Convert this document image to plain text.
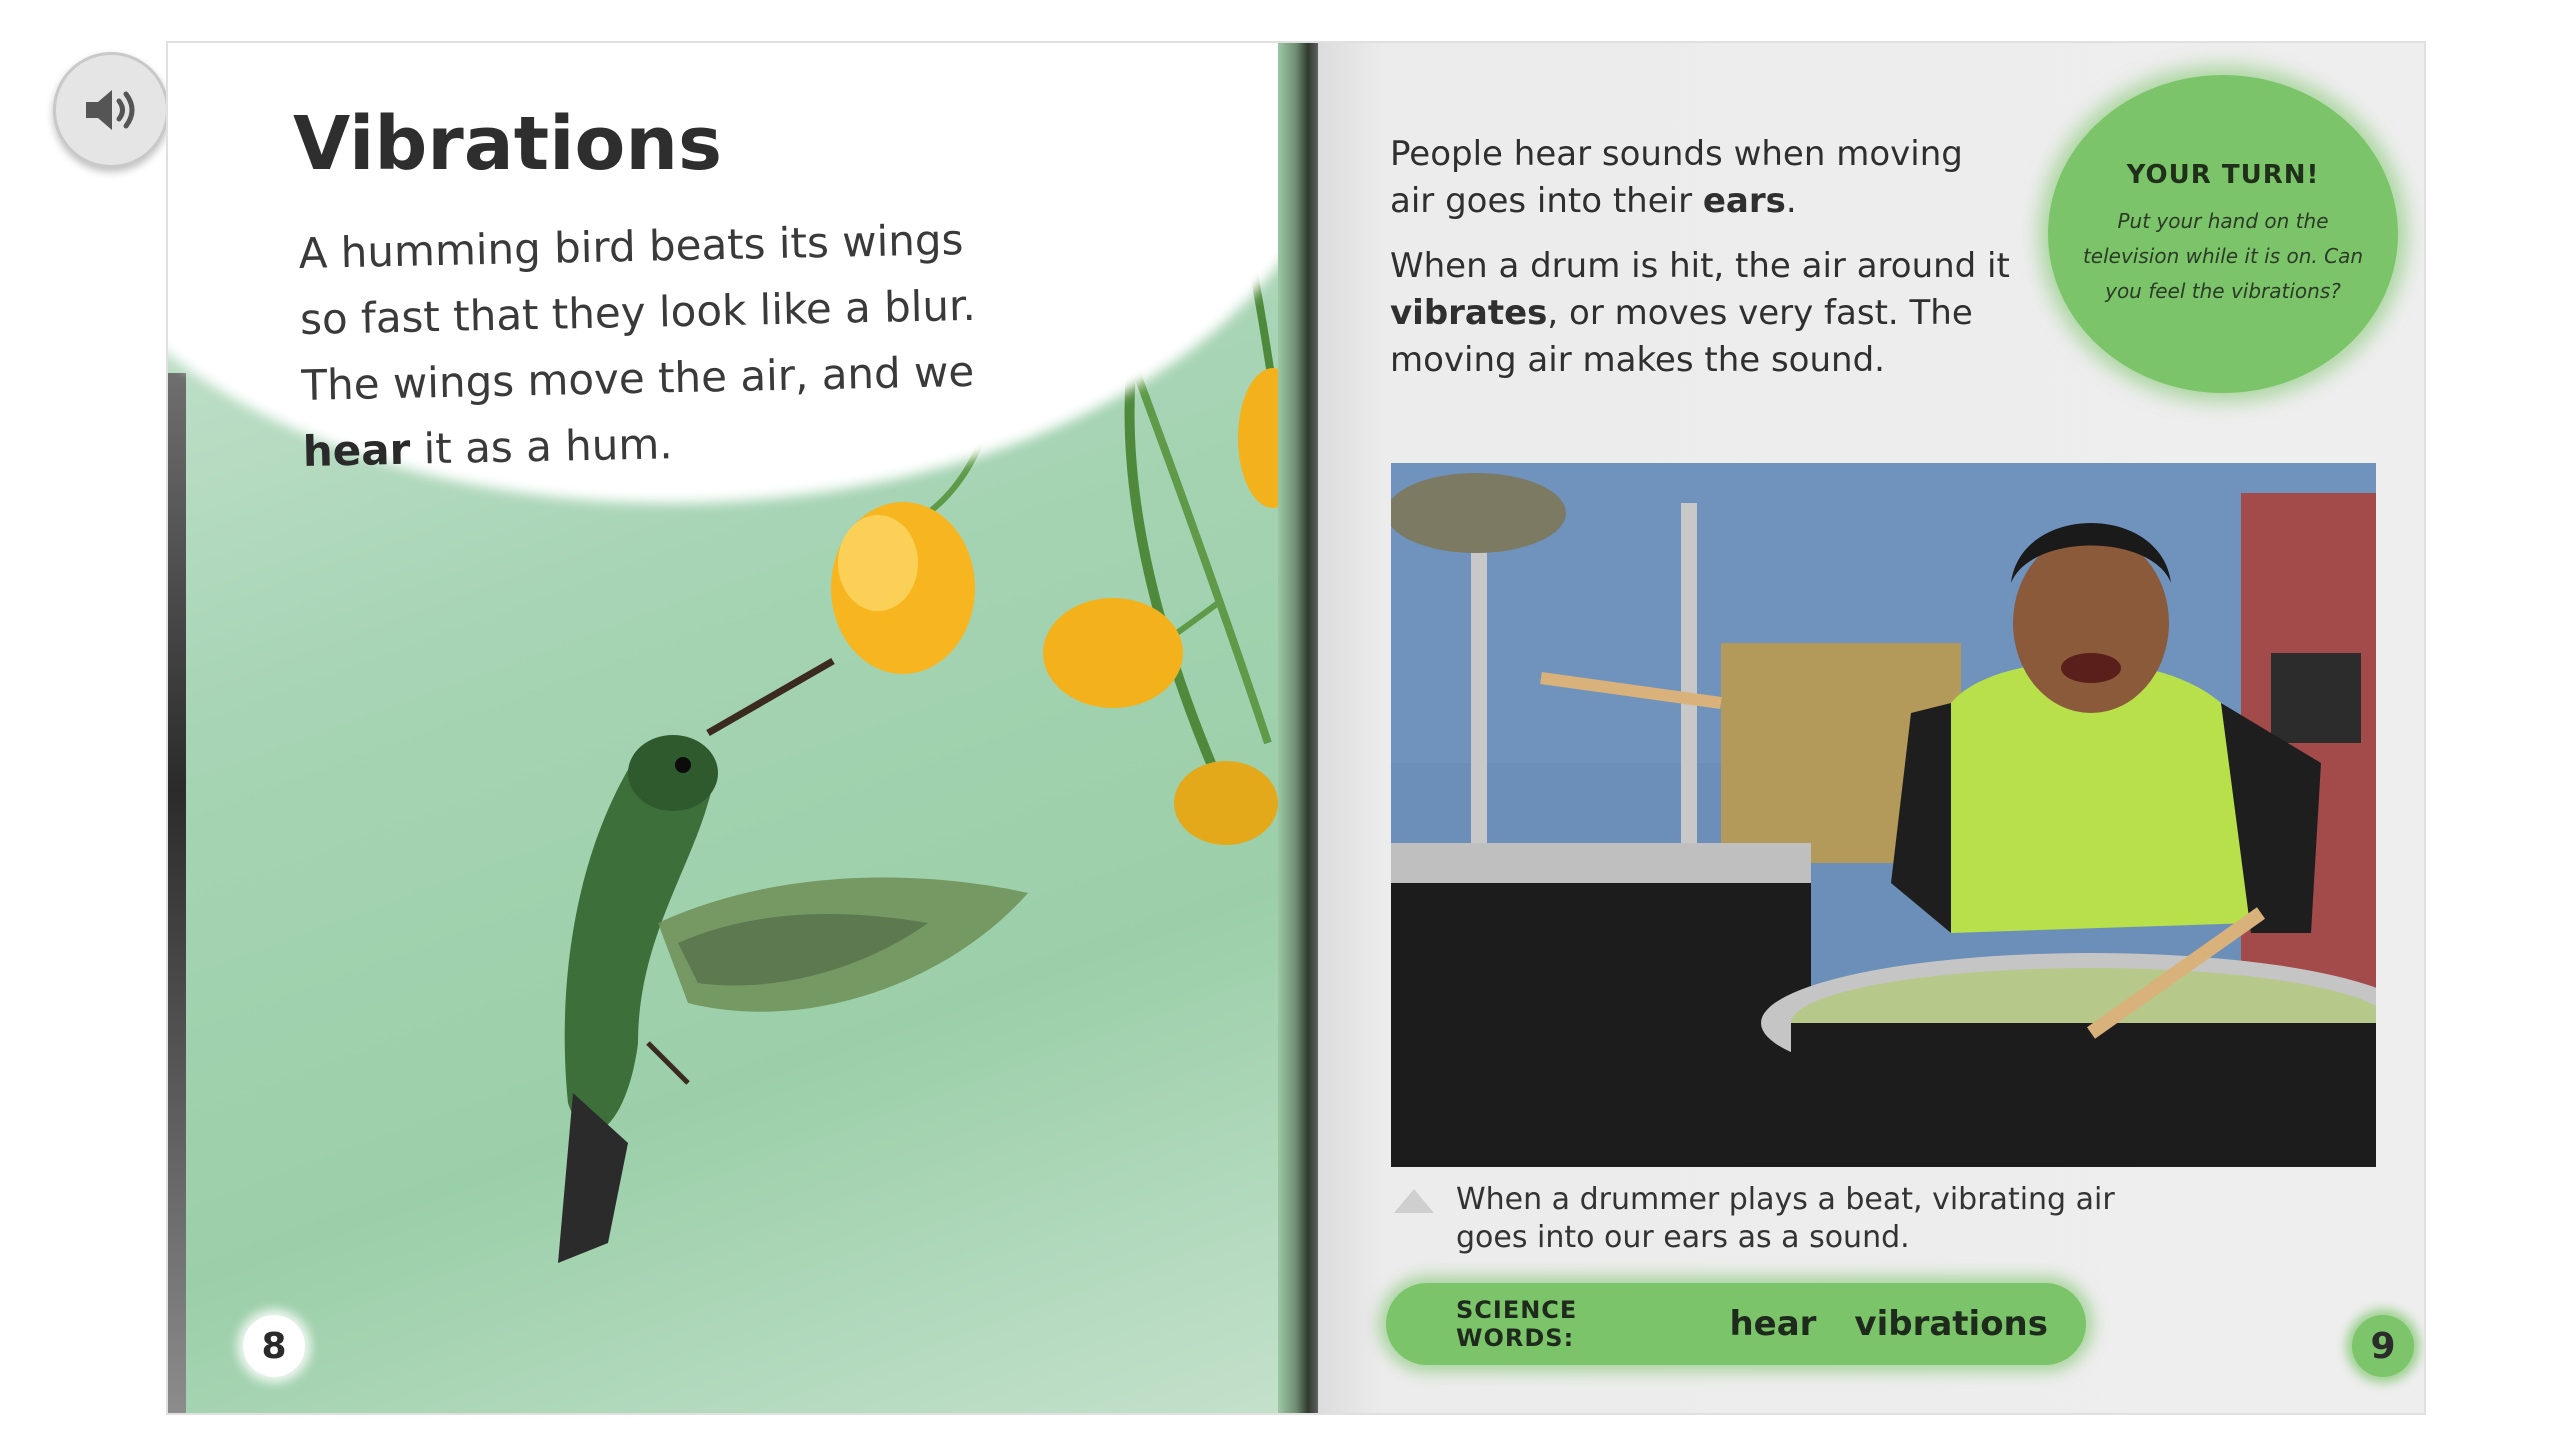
Vibrations
A humming bird beats its wings
so fast that they look like a blur.
The wings move the air, and we
hear it as a hum.
8
People hear sounds when moving air goes into their ears.
When a drum is hit, the air around it vibrates, or moves very fast. The moving air makes the sound.
YOUR TURN!
Put your hand on the television while it is on. Can you feel the vibrations?
When a drummer plays a beat, vibrating air goes into our ears as a sound.
SCIENCE WORDS:	hear vibrations
9
